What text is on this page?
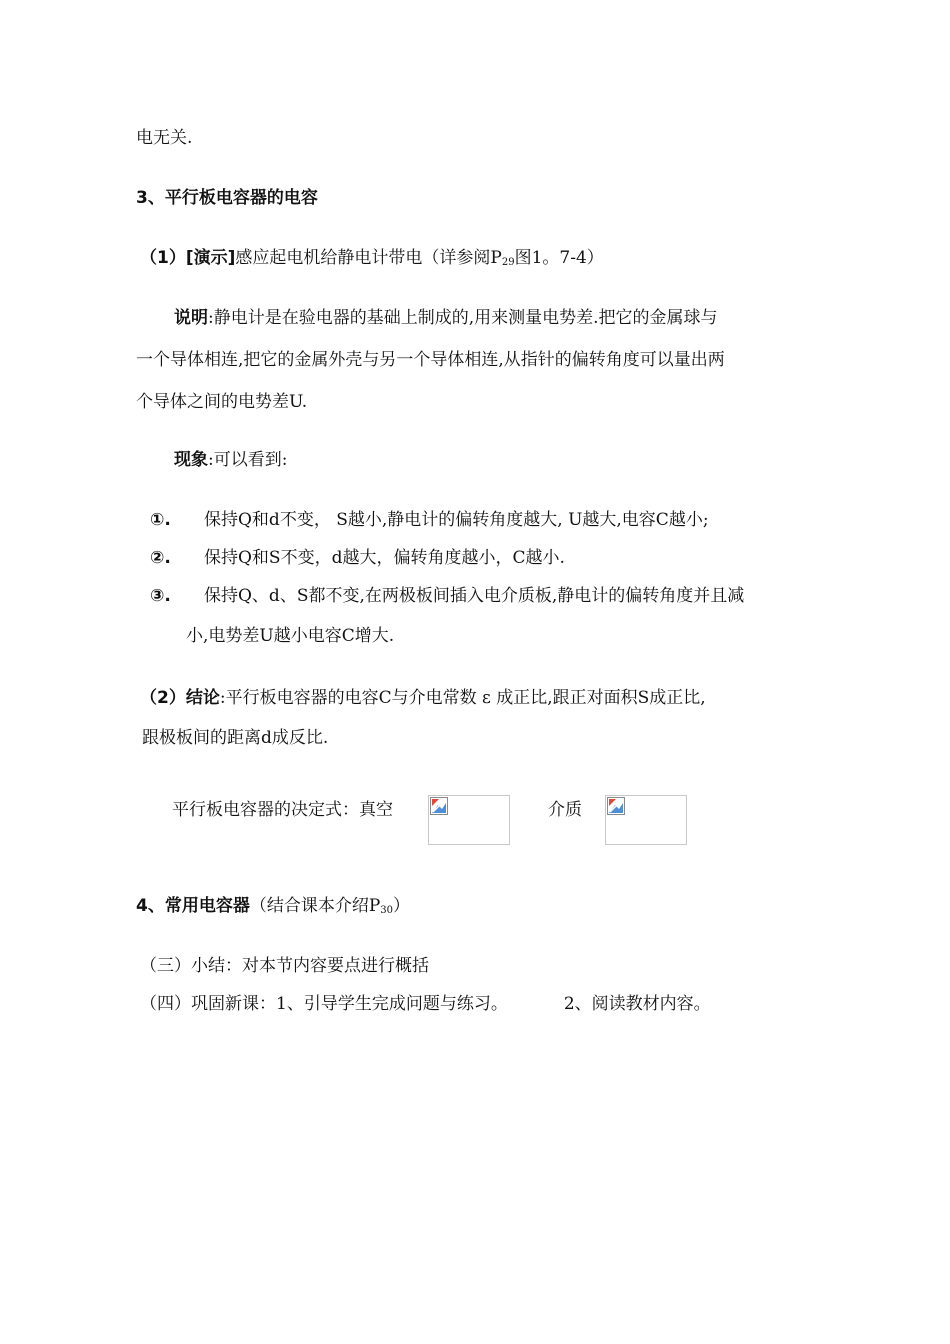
电无关.
3、平行板电容器的电容
（1）[演示]感应起电机给静电计带电（详参阅$P_{29}$图1。7-4）
说明:静电计是在验电器的基础上制成的,用来测量电势差.把它的金属球与
一个导体相连,把它的金属外壳与另一个导体相连,从指针的偏转角度可以量出两
个导体之间的电势差U.
现象:可以看到:
①. 保持Q和d不变， S越小,静电计的偏转角度越大, U越大,电容C越小;
②. 保持Q和S不变，d越大，偏转角度越小，C越小.
③. 保持Q、d、S都不变,在两极板间插入电介质板,静电计的偏转角度并且减
小,电势差U越小电容C增大.
（2）结论:平行板电容器的电容C与介电常数 ε 成正比,跟正对面积S成正比,
跟极板间的距离d成反比.
平行板电容器的决定式：真空	介质
4、常用电容器（结合课本介绍$P_{30}$）
（三）小结：对本节内容要点进行概括
（四）巩固新课：1、引导学生完成问题与练习。	2、阅读教材内容。
